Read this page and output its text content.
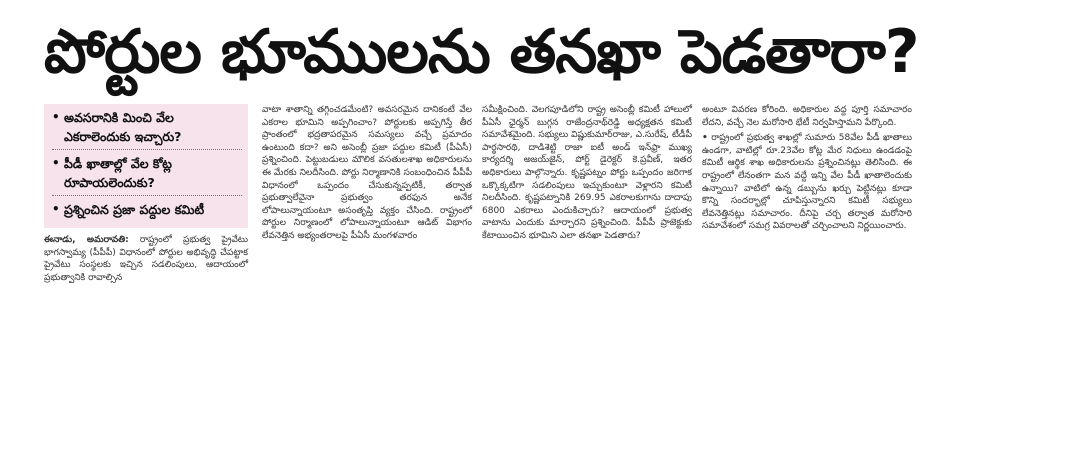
పోర్టుల భూములను తనఖా పెడతారా?
• అవసరానికి మించి వేల ఎకరాలెందుకు ఇచ్చారు?
• పీడీ ఖాతాల్లో వేల కోట్ల రూపాయలెందుకు?
• ప్రశ్నించిన ప్రజా పద్దుల కమిటీ

ఈనాడు, అమరావతి: రాష్ట్రంలో ప్రభుత్వ ప్రైవేటు భాగస్వామ్య (పీపీపీ) విధానంలో పోర్టుల అభివృద్ధి చేపట్టాక ప్రైవేటు సంస్థలకు ఇచ్చిన సడలింపులు, ఆదాయంలో ప్రభుత్వానికి రావాల్సిన

వాటా శాతాన్ని తగ్గించడమేంటి? అవసరమైన దానికంటే వేల ఎకరాల భూమిని అప్పగించాం? పోర్టులకు అప్పగిస్తే తీర ప్రాంతంలో భద్రతాపరమైన సమస్యలు వచ్చే ప్రమాదం ఉంటుంది కదా? అని అసెంబ్లీ ప్రజా పద్దుల కమిటీ (పీఏసీ) ప్రశ్నించింది. పెట్టుబడులు మౌలిక వసతులశాఖ అధికారులను ఈ మేరకు నిలదీసింది. పోర్టు నిర్మాణానికి సంబంధించిన పీపీపీ విధానంలో ఒప్పందం చేసుకున్నప్పటికీ, తర్వాత ప్రభుత్వాలేవైనా ప్రభుత్వం తరఫున అనేక లోపాలున్నాయంటూ అసంతృప్తి వ్యక్తం చేసింది. రాష్ట్రంలో పోర్టుల నిర్మాణంలో లోపాలున్నాయంటూ ఆడిట్ విభాగం లేవనెత్తిన అభ్యంతరాలపై పీఏసీ మంగళవారం

సమీక్షించింది. వెలగపూడిలోని రాష్ట్ర అసెంబ్లీ కమిటీ హాలులో పీఏసీ ఛైర్మన్ బుగ్గన రాజేంద్రనాథ్‌రెడ్డి అధ్యక్షతన కమిటీ సమావేశమైంది. సభ్యులు విష్ణుకుమార్‌రాజు, ఎ.సురేష్, టీడీపీ పార్థసారథి, దాడిశెట్టి రాజా ఐటీ అండ్ ఇన్‌ఫ్రా ముఖ్య కార్యదర్శి అజయ్‌జైన్, పోర్ట్ డైరెక్టర్ కె.ప్రవీణ్, ఇతర అధికారులు పాల్గొన్నారు. కృష్ణపట్నం పోర్టు ఒప్పందం జరిగాక ఒక్కొక్కటిగా సడలింపులు ఇచ్చుకుంటూ వెళ్లారని కమిటీ నిలదీసింది. కృష్ణపట్నానికి 269.95 ఎకరాలకుగాను దాదాపు 6800 ఎకరాలు ఎందుకిచ్చారు? ఆదాయంలో ప్రభుత్వ వాటాను ఎందుకు మార్చారని ప్రశ్నించింది. పీపీపీ ప్రాజెక్టుకు కేటాయించిన భూమిని ఎలా తనఖా పెడతారు?

అంటూ వివరణ కోరింది. అధికారుల వద్ద పూర్తి సమాచారం లేదని, వచ్చే నెల మరోసారి భేటీ నిర్వహిస్తామని పేర్కొంది.

• రాష్ట్రంలో ప్రభుత్వ శాఖల్లో సుమారు 58వేల పీడీ ఖాతాలు ఉండగా, వాటిల్లో రూ.23వేల కోట్ల మేర నిధులు ఉండడంపై కమిటీ ఆర్థిక శాఖ అధికారులను ప్రశ్నించినట్లు తెలిసింది. ఈ రాష్ట్రంలో లేనంతగా మన వద్దే ఇన్ని వేల పీడీ ఖాతాలెందుకు ఉన్నాయి? వాటిలో ఉన్న డబ్బును ఖర్చు పెట్టినట్లు కూడా కొన్ని సందర్భాల్లో చూపిస్తున్నారని కమిటీ సభ్యులు లేవనెత్తినట్లు సమాచారం. దీనిపై చర్చ తర్వాత మరోసారి సమావేశంలో సమగ్ర వివరాలతో చర్చించాలని నిర్ణయించారు.
